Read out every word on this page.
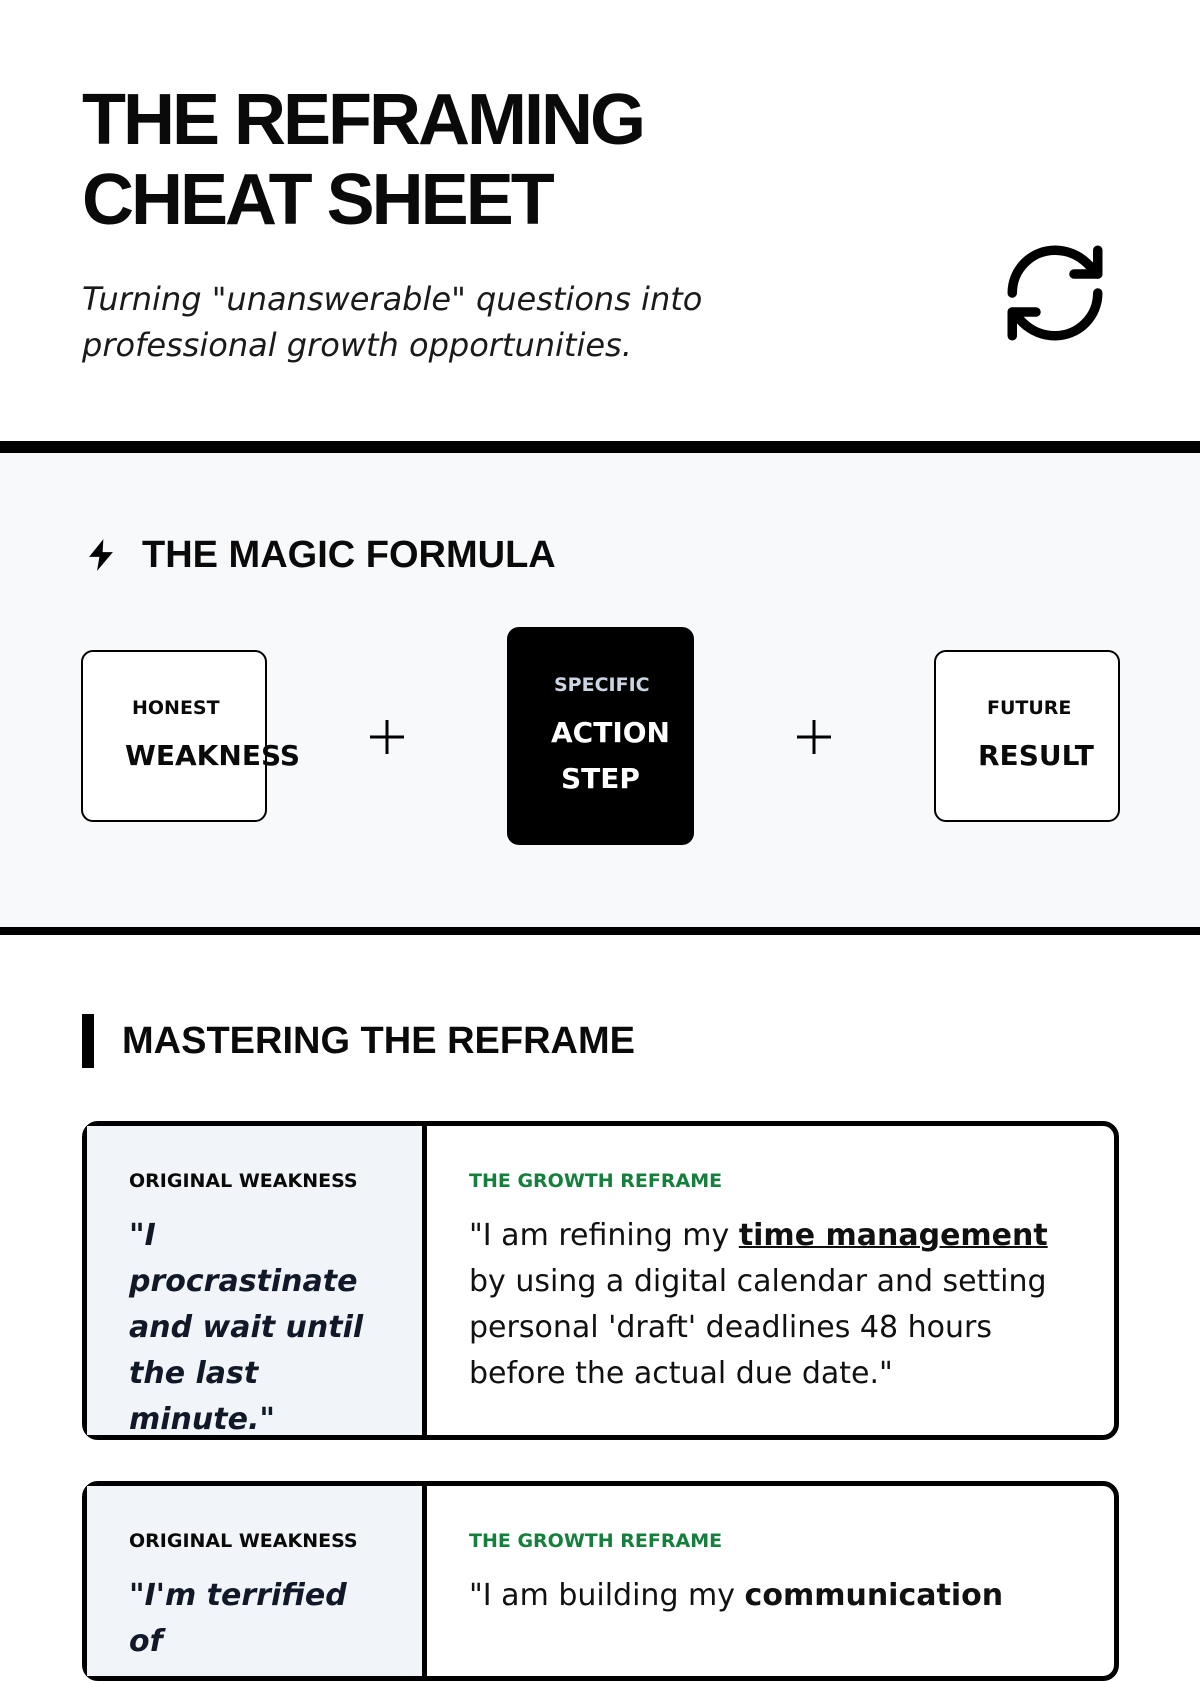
THE REFRAMING
CHEAT SHEET

Turning "unanswerable" questions into professional growth opportunities.

THE MAGIC FORMULA
HONEST
WEAKNESS
SPECIFIC
ACTION
STEP
FUTURE
RESULT
MASTERING THE REFRAME
ORIGINAL WEAKNESS
"I procrastinate and wait until the last minute."
THE GROWTH REFRAME

"I am refining my time management by using a digital calendar and setting personal 'draft' deadlines 48 hours before the actual due date."

ORIGINAL WEAKNESS
"I'm terrified of
THE GROWTH REFRAME

"I am building my communication
